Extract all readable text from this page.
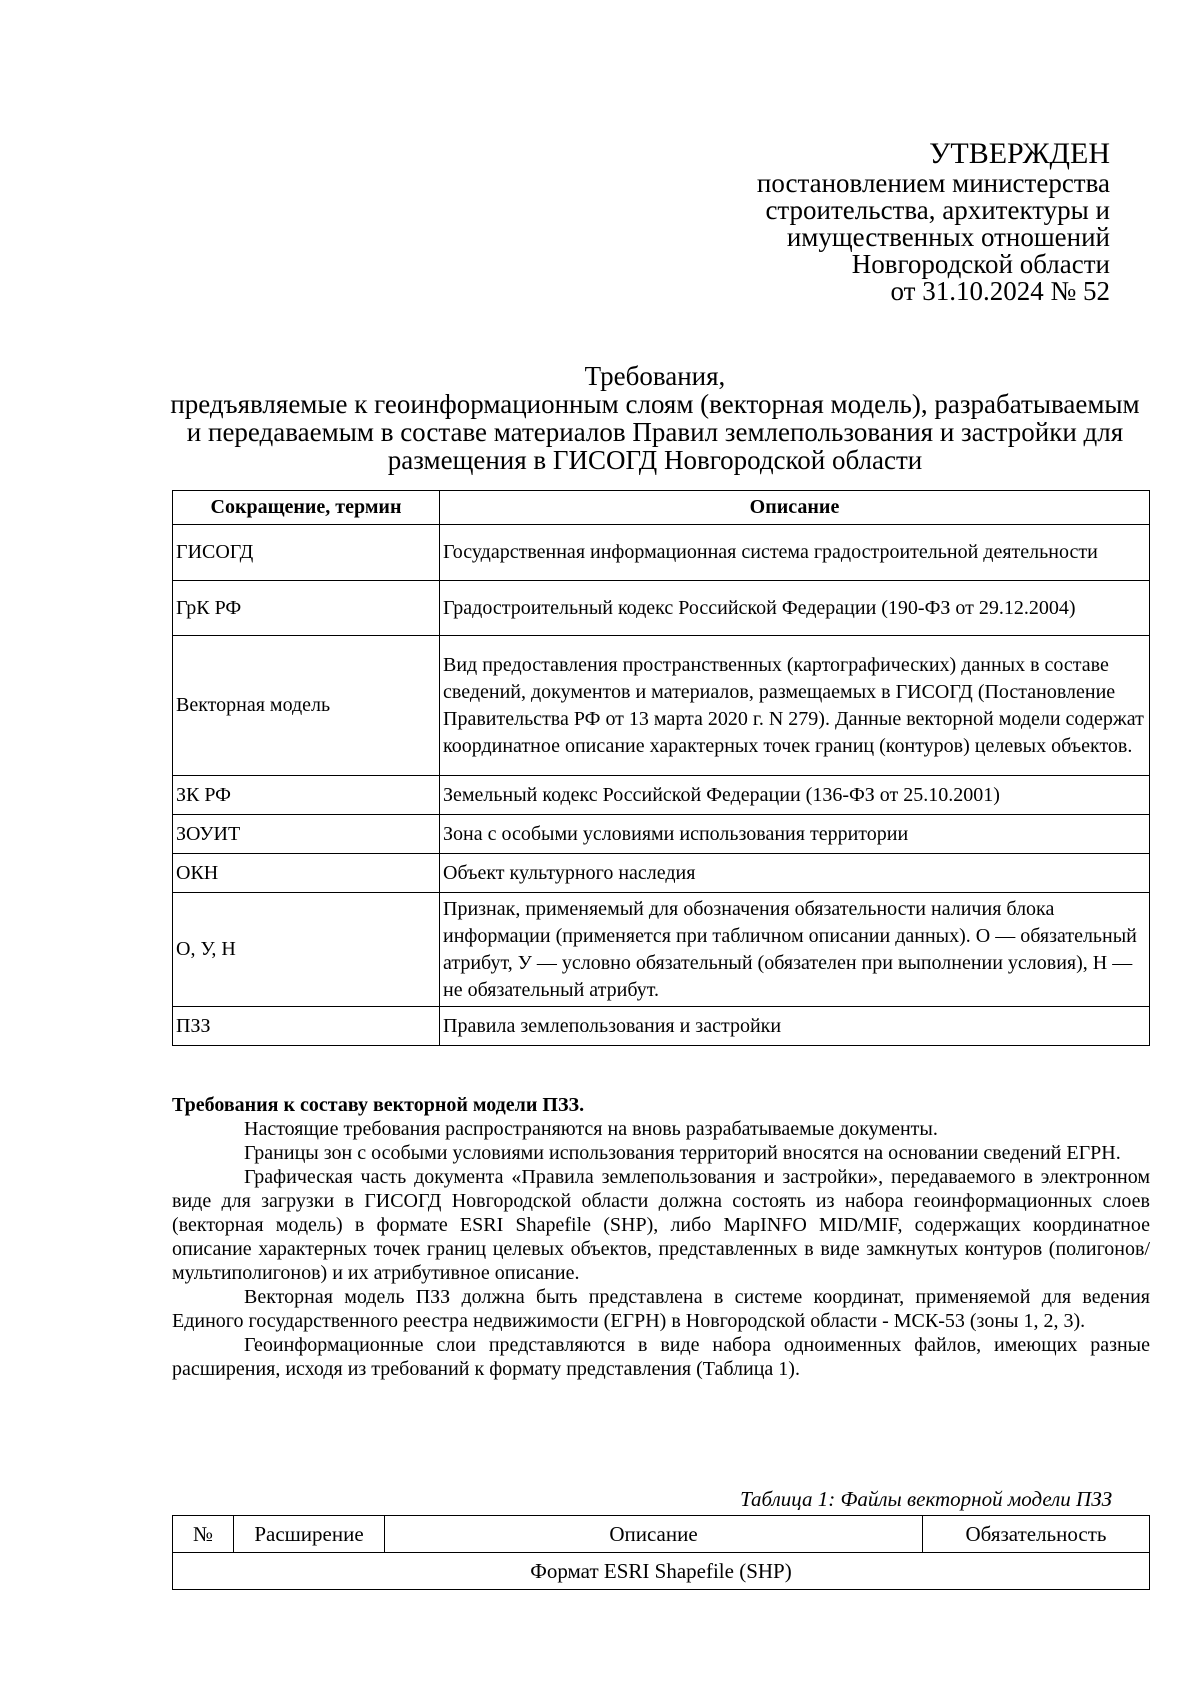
УТВЕРЖДЕН
постановлением министерства
строительства, архитектуры и
имущественных отношений
Новгородской области
от 31.10.2024 № 52
Требования,
предъявляемые к геоинформационным слоям (векторная модель), разрабатываемым и передаваемым в составе материалов Правил землепользования и застройки для размещения в ГИСОГД Новгородской области
Сокращение, термин	Описание
ГИСОГД	Государственная информационная система градостроительной деятельности
ГрК РФ	Градостроительный кодекс Российской Федерации (190-ФЗ от 29.12.2004)
Векторная модель	Вид предоставления пространственных (картографических) данных в составе сведений, документов и материалов, размещаемых в ГИСОГД (Постановление Правительства РФ от 13 марта 2020 г. N 279). Данные векторной модели содержат координатное описание характерных точек границ (контуров) целевых объектов.
ЗК РФ	Земельный кодекс Российской Федерации (136-ФЗ от 25.10.2001)
ЗОУИТ	Зона с особыми условиями использования территории
ОКН	Объект культурного наследия
О, У, Н	Признак, применяемый для обозначения обязательности наличия блока информации (применяется при табличном описании данных). О — обязательный атрибут, У — условно обязательный (обязателен при выполнении условия), Н — не обязательный атрибут.
ПЗЗ	Правила землепользования и застройки

Требования к составу векторной модели ПЗЗ.

Настоящие требования распространяются на вновь разрабатываемые документы.

Границы зон с особыми условиями использования территорий вносятся на основании сведений ЕГРН.

Графическая часть документа «Правила землепользования и застройки», передаваемого в электронном виде для загрузки в ГИСОГД Новгородской области должна состоять из набора геоинформационных слоев (векторная модель) в формате ESRI Shapefile (SHP), либо MapINFO MID/MIF, содержащих координатное описание характерных точек границ целевых объектов, представленных в виде замкнутых контуров (полигонов/мультиполигонов) и их атрибутивное описание.

Векторная модель ПЗЗ должна быть представлена в системе координат, применяемой для ведения Единого государственного реестра недвижимости (ЕГРН) в Новгородской области - МСК-53 (зоны 1, 2, 3).

Геоинформационные слои представляются в виде набора одноименных файлов, имеющих разные расширения, исходя из требований к формату представления (Таблица 1).

Таблица 1: Файлы векторной модели ПЗЗ
№	Расширение	Описание	Обязательность
Формат ESRI Shapefile (SHP)
